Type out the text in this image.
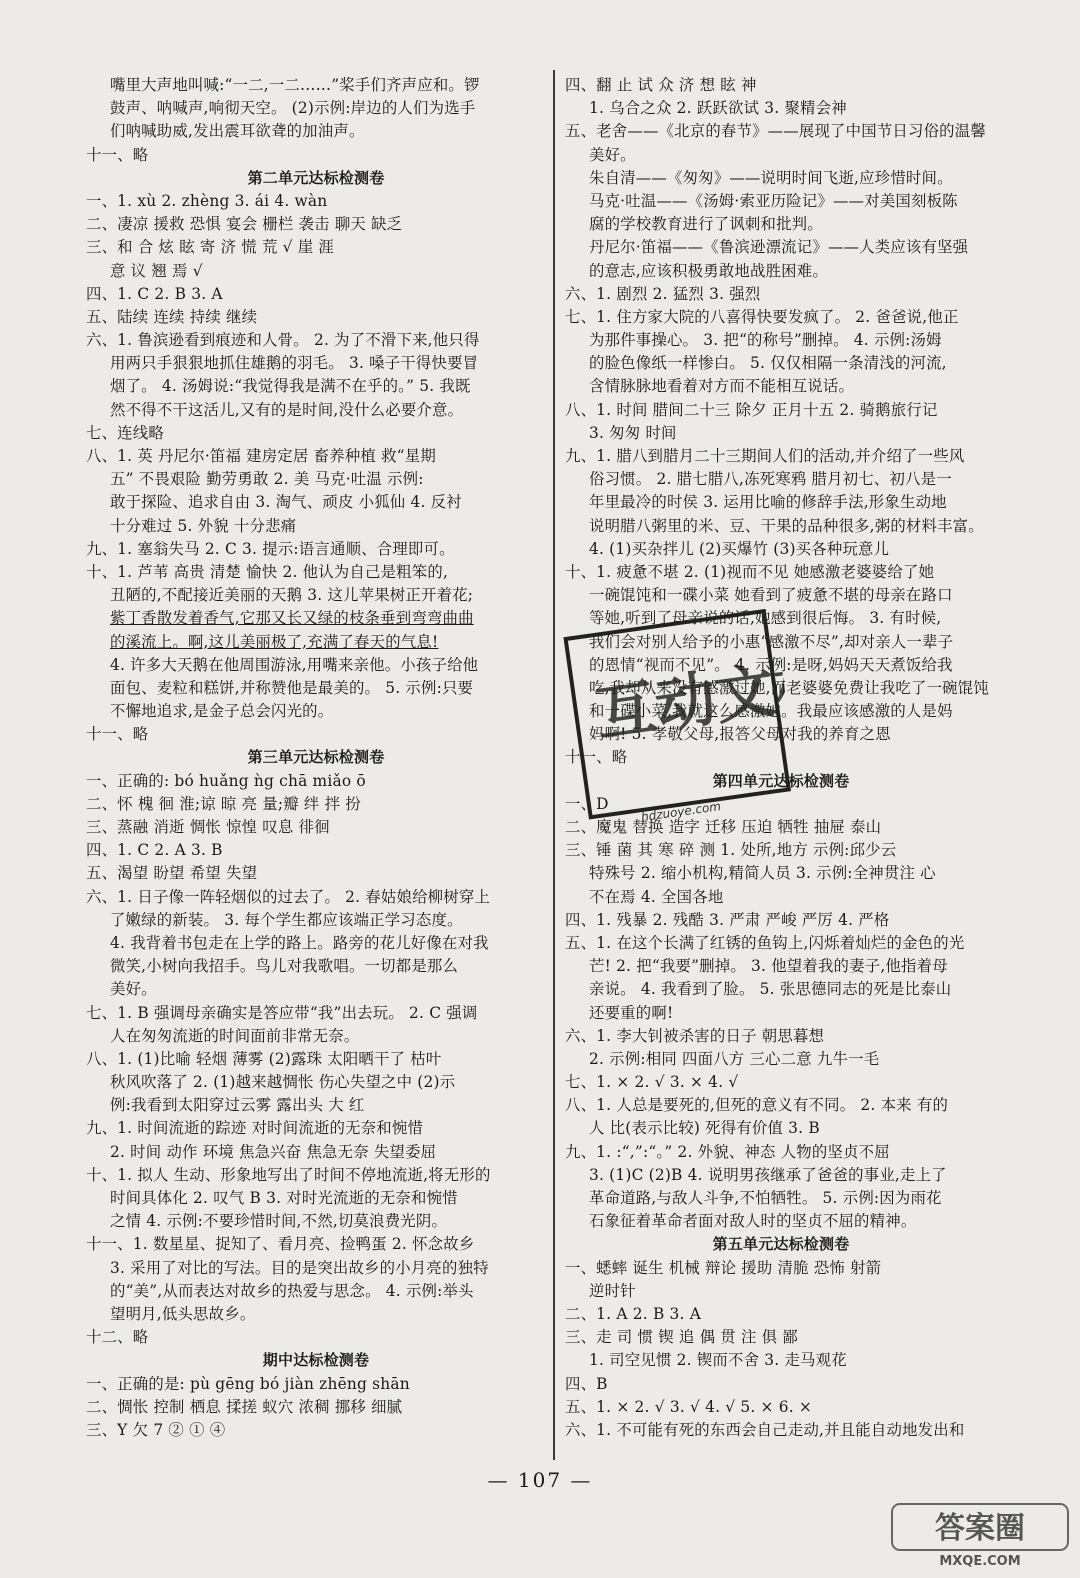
嘴里大声地叫喊:“一二,一二……”桨手们齐声应和。锣
鼓声、呐喊声,响彻天空。 (2)示例:岸边的人们为选手
们呐喊助威,发出震耳欲聋的加油声。
十一、略
第二单元达标检测卷
一、1. xù 2. zhèng 3. ái 4. wàn
二、凄凉 援救 恐惧 宴会 栅栏 袭击 聊天 缺乏
三、和 合 炫 眩 寄 济 慌 荒 √ 崖 涯
意 议 翘 焉 √
四、1. C 2. B 3. A
五、陆续 连续 持续 继续
六、1. 鲁滨逊看到痕迹和人骨。 2. 为了不滑下来,他只得
用两只手狠狠地抓住雄鹅的羽毛。 3. 嗓子干得快要冒
烟了。 4. 汤姆说:“我觉得我是满不在乎的。” 5. 我既
然不得不干这活儿,又有的是时间,没什么必要介意。
七、连线略
八、1. 英 丹尼尔·笛福 建房定居 畜养种植 救“星期
五” 不畏艰险 勤劳勇敢 2. 美 马克·吐温 示例:
敢于探险、追求自由 3. 淘气、顽皮 小狐仙 4. 反衬
十分难过 5. 外貌 十分悲痛
九、1. 塞翁失马 2. C 3. 提示:语言通顺、合理即可。
十、1. 芦苇 高贵 清楚 愉快 2. 他认为自己是粗笨的,
丑陋的,不配接近美丽的天鹅 3. 这儿苹果树正开着花;
紫丁香散发着香气,它那又长又绿的枝条垂到弯弯曲曲
的溪流上。啊,这儿美丽极了,充满了春天的气息!
4. 许多大天鹅在他周围游泳,用嘴来亲他。小孩子给他
面包、麦粒和糕饼,并称赞他是最美的。 5. 示例:只要
不懈地追求,是金子总会闪光的。
十一、略
第三单元达标检测卷
一、正确的: bó huǎng ǹg chā miǎo ō
二、怀 槐 徊 淮;谅 晾 亮 量;瓣 绊 拌 扮
三、蒸融 消逝 惆怅 惊惶 叹息 徘徊
四、1. C 2. A 3. B
五、渴望 盼望 希望 失望
六、1. 日子像一阵轻烟似的过去了。 2. 春姑娘给柳树穿上
了嫩绿的新装。 3. 每个学生都应该端正学习态度。
4. 我背着书包走在上学的路上。路旁的花儿好像在对我
微笑,小树向我招手。鸟儿对我歌唱。一切都是那么
美好。
七、1. B 强调母亲确实是答应带“我”出去玩。 2. C 强调
人在匆匆流逝的时间面前非常无奈。
八、1. (1)比喻 轻烟 薄雾 (2)露珠 太阳晒干了 枯叶
秋风吹落了 2. (1)越来越惆怅 伤心失望之中 (2)示
例:我看到太阳穿过云雾 露出头 大 红
九、1. 时间流逝的踪迹 对时间流逝的无奈和惋惜
2. 时间 动作 环境 焦急兴奋 焦急无奈 失望委屈
十、1. 拟人 生动、形象地写出了时间不停地流逝,将无形的
时间具体化 2. 叹气 B 3. 对时光流逝的无奈和惋惜
之情 4. 示例:不要珍惜时间,不然,切莫浪费光阴。
十一、1. 数星星、捉知了、看月亮、捡鸭蛋 2. 怀念故乡
3. 采用了对比的写法。目的是突出故乡的小月亮的独特
的“美”,从而表达对故乡的热爱与思念。 4. 示例:举头
望明月,低头思故乡。
十二、略
期中达标检测卷
一、正确的是: pù gēng bó jiàn zhēng shān
二、惆怅 控制 栖息 揉搓 蚁穴 浓稠 挪移 细腻
三、Y 欠 7 ② ① ④
四、翻 止 试 众 济 想 眩 神
1. 乌合之众 2. 跃跃欲试 3. 聚精会神
五、老舍——《北京的春节》——展现了中国节日习俗的温馨
美好。
朱自清——《匆匆》——说明时间飞逝,应珍惜时间。
马克·吐温——《汤姆·索亚历险记》——对美国刻板陈
腐的学校教育进行了讽刺和批判。
丹尼尔·笛福——《鲁滨逊漂流记》——人类应该有坚强
的意志,应该积极勇敢地战胜困难。
六、1. 剧烈 2. 猛烈 3. 强烈
七、1. 住方家大院的八喜得快要发疯了。 2. 爸爸说,他正
为那件事操心。 3. 把“的称号”删掉。 4. 示例:汤姆
的脸色像纸一样惨白。 5. 仅仅相隔一条清浅的河流,
含情脉脉地看着对方而不能相互说话。
八、1. 时间 腊间二十三 除夕 正月十五 2. 骑鹅旅行记
3. 匆匆 时间
九、1. 腊八到腊月二十三期间人们的活动,并介绍了一些风
俗习惯。 2. 腊七腊八,冻死寒鸦 腊月初七、初八是一
年里最冷的时侯 3. 运用比喻的修辞手法,形象生动地
说明腊八粥里的米、豆、干果的品种很多,粥的材料丰富。
4. (1)买杂拌儿 (2)买爆竹 (3)买各种玩意儿
十、1. 疲惫不堪 2. (1)视而不见 她感激老婆婆给了她
一碗馄饨和一碟小菜 她看到了疲惫不堪的母亲在路口
等她,听到了母亲说的话,她感到很后悔。 3. 有时候,
我们会对别人给予的小惠“感激不尽”,却对亲人一辈子
的恩情“视而不见”。 4. 示例:是呀,妈妈天天煮饭给我
吃,我却从来没有感激过她,而老婆婆免费让我吃了一碗馄饨
和一碟小菜,我就这么感激她。我最应该感激的人是妈
妈啊! 5. 孝敬父母,报答父母对我的养育之恩
十一、略
第四单元达标检测卷
一、D
二、魔鬼 替换 造字 迁移 压迫 牺牲 抽屉 泰山
三、锤 菌 其 寒 碎 测 1. 处所,地方 示例:邱少云
特殊号 2. 缩小机构,精简人员 3. 示例:全神贯注 心
不在焉 4. 全国各地
四、1. 残暴 2. 残酷 3. 严肃 严峻 严厉 4. 严格
五、1. 在这个长满了红锈的鱼钩上,闪烁着灿烂的金色的光
芒! 2. 把“我要”删掉。 3. 他望着我的妻子,他指着母
亲说。 4. 我看到了脸。 5. 张思德同志的死是比泰山
还要重的啊!
六、1. 李大钊被杀害的日子 朝思暮想
2. 示例:相同 四面八方 三心二意 九牛一毛
七、1. × 2. √ 3. × 4. √
八、1. 人总是要死的,但死的意义有不同。 2. 本来 有的
人 比(表示比较) 死得有价值 3. B
九、1. :“,”:“。” 2. 外貌、神态 人物的坚贞不屈
3. (1)C (2)B 4. 说明男孩继承了爸爸的事业,走上了
革命道路,与敌人斗争,不怕牺牲。 5. 示例:因为雨花
石象征着革命者面对敌人时的坚贞不屈的精神。
第五单元达标检测卷
一、蟋蟀 诞生 机械 辩论 援助 清脆 恐怖 射箭
逆时针
二、1. A 2. B 3. A
三、走 司 惯 锲 追 偶 贯 注 俱 鄙
1. 司空见惯 2. 锲而不舍 3. 走马观花
四、B
五、1. × 2. √ 3. √ 4. √ 5. × 6. ×
六、1. 不可能有死的东西会自己走动,并且能自动地发出和
— 107 —
互动文档
hdzuoye.com
答案圈
MXQE.COM
